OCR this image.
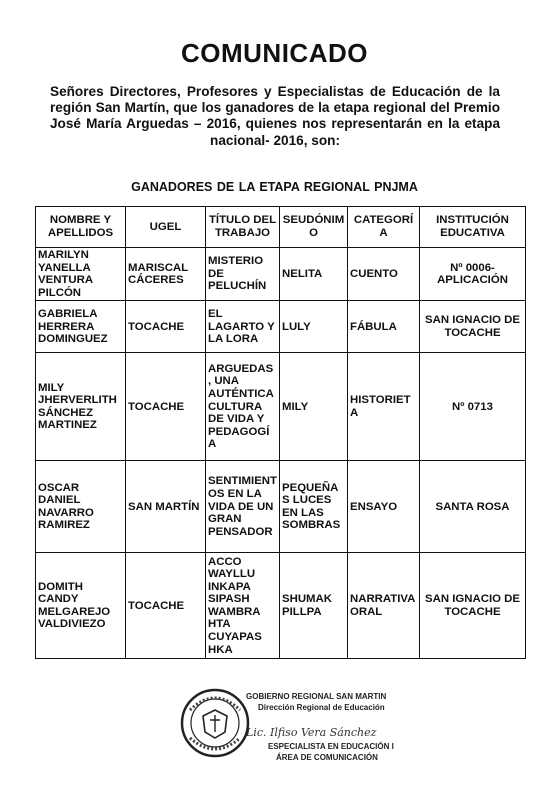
COMUNICADO
Señores Directores, Profesores y Especialistas de Educación de la región San Martín, que los ganadores de la etapa regional del Premio José María Arguedas – 2016, quienes nos representarán en la etapa nacional- 2016, son:
GANADORES DE LA ETAPA REGIONAL PNJMA
NOMBRE Y APELLIDOS	UGEL	TÍTULO DEL TRABAJO	SEUDÓNIMO	CATEGORÍA	INSTITUCIÓN EDUCATIVA
MARILYN YANELLA VENTURA PILCÓN	MARISCAL CÁCERES	MISTERIO DE PELUCHÍN	NELITA	CUENTO	Nº 0006-APLICACIÓN
GABRIELA HERRERA DOMINGUEZ	TOCACHE	EL LAGARTO Y LA LORA	LULY	FÁBULA	SAN IGNACIO DE TOCACHE
MILY JHERVERLITH SÁNCHEZ MARTINEZ	TOCACHE	ARGUEDAS , UNA AUTÉNTICA CULTURA DE VIDA Y PEDAGOGÍA	MILY	HISTORIETA	Nº 0713
OSCAR DANIEL NAVARRO RAMIREZ	SAN MARTÍN	SENTIMIENTOS EN LA VIDA DE UN GRAN PENSADOR	PEQUEÑAS LUCES EN LAS SOMBRAS	ENSAYO	SANTA ROSA
DOMITH CANDY MELGAREJO VALDIVIEZO	TOCACHE	ACCO WAYLLU INKAPA SIPASH WAMBRA HTA CUYAPAS HKA	SHUMAK PILLPA	NARRATIVA ORAL	SAN IGNACIO DE TOCACHE
GOBIERNO REGIONAL SAN MARTIN
Dirección Regional de Educación
Lic. Ilfiso Vera Sánchez
ESPECIALISTA EN EDUCACIÓN I
ÁREA DE COMUNICACIÓN
